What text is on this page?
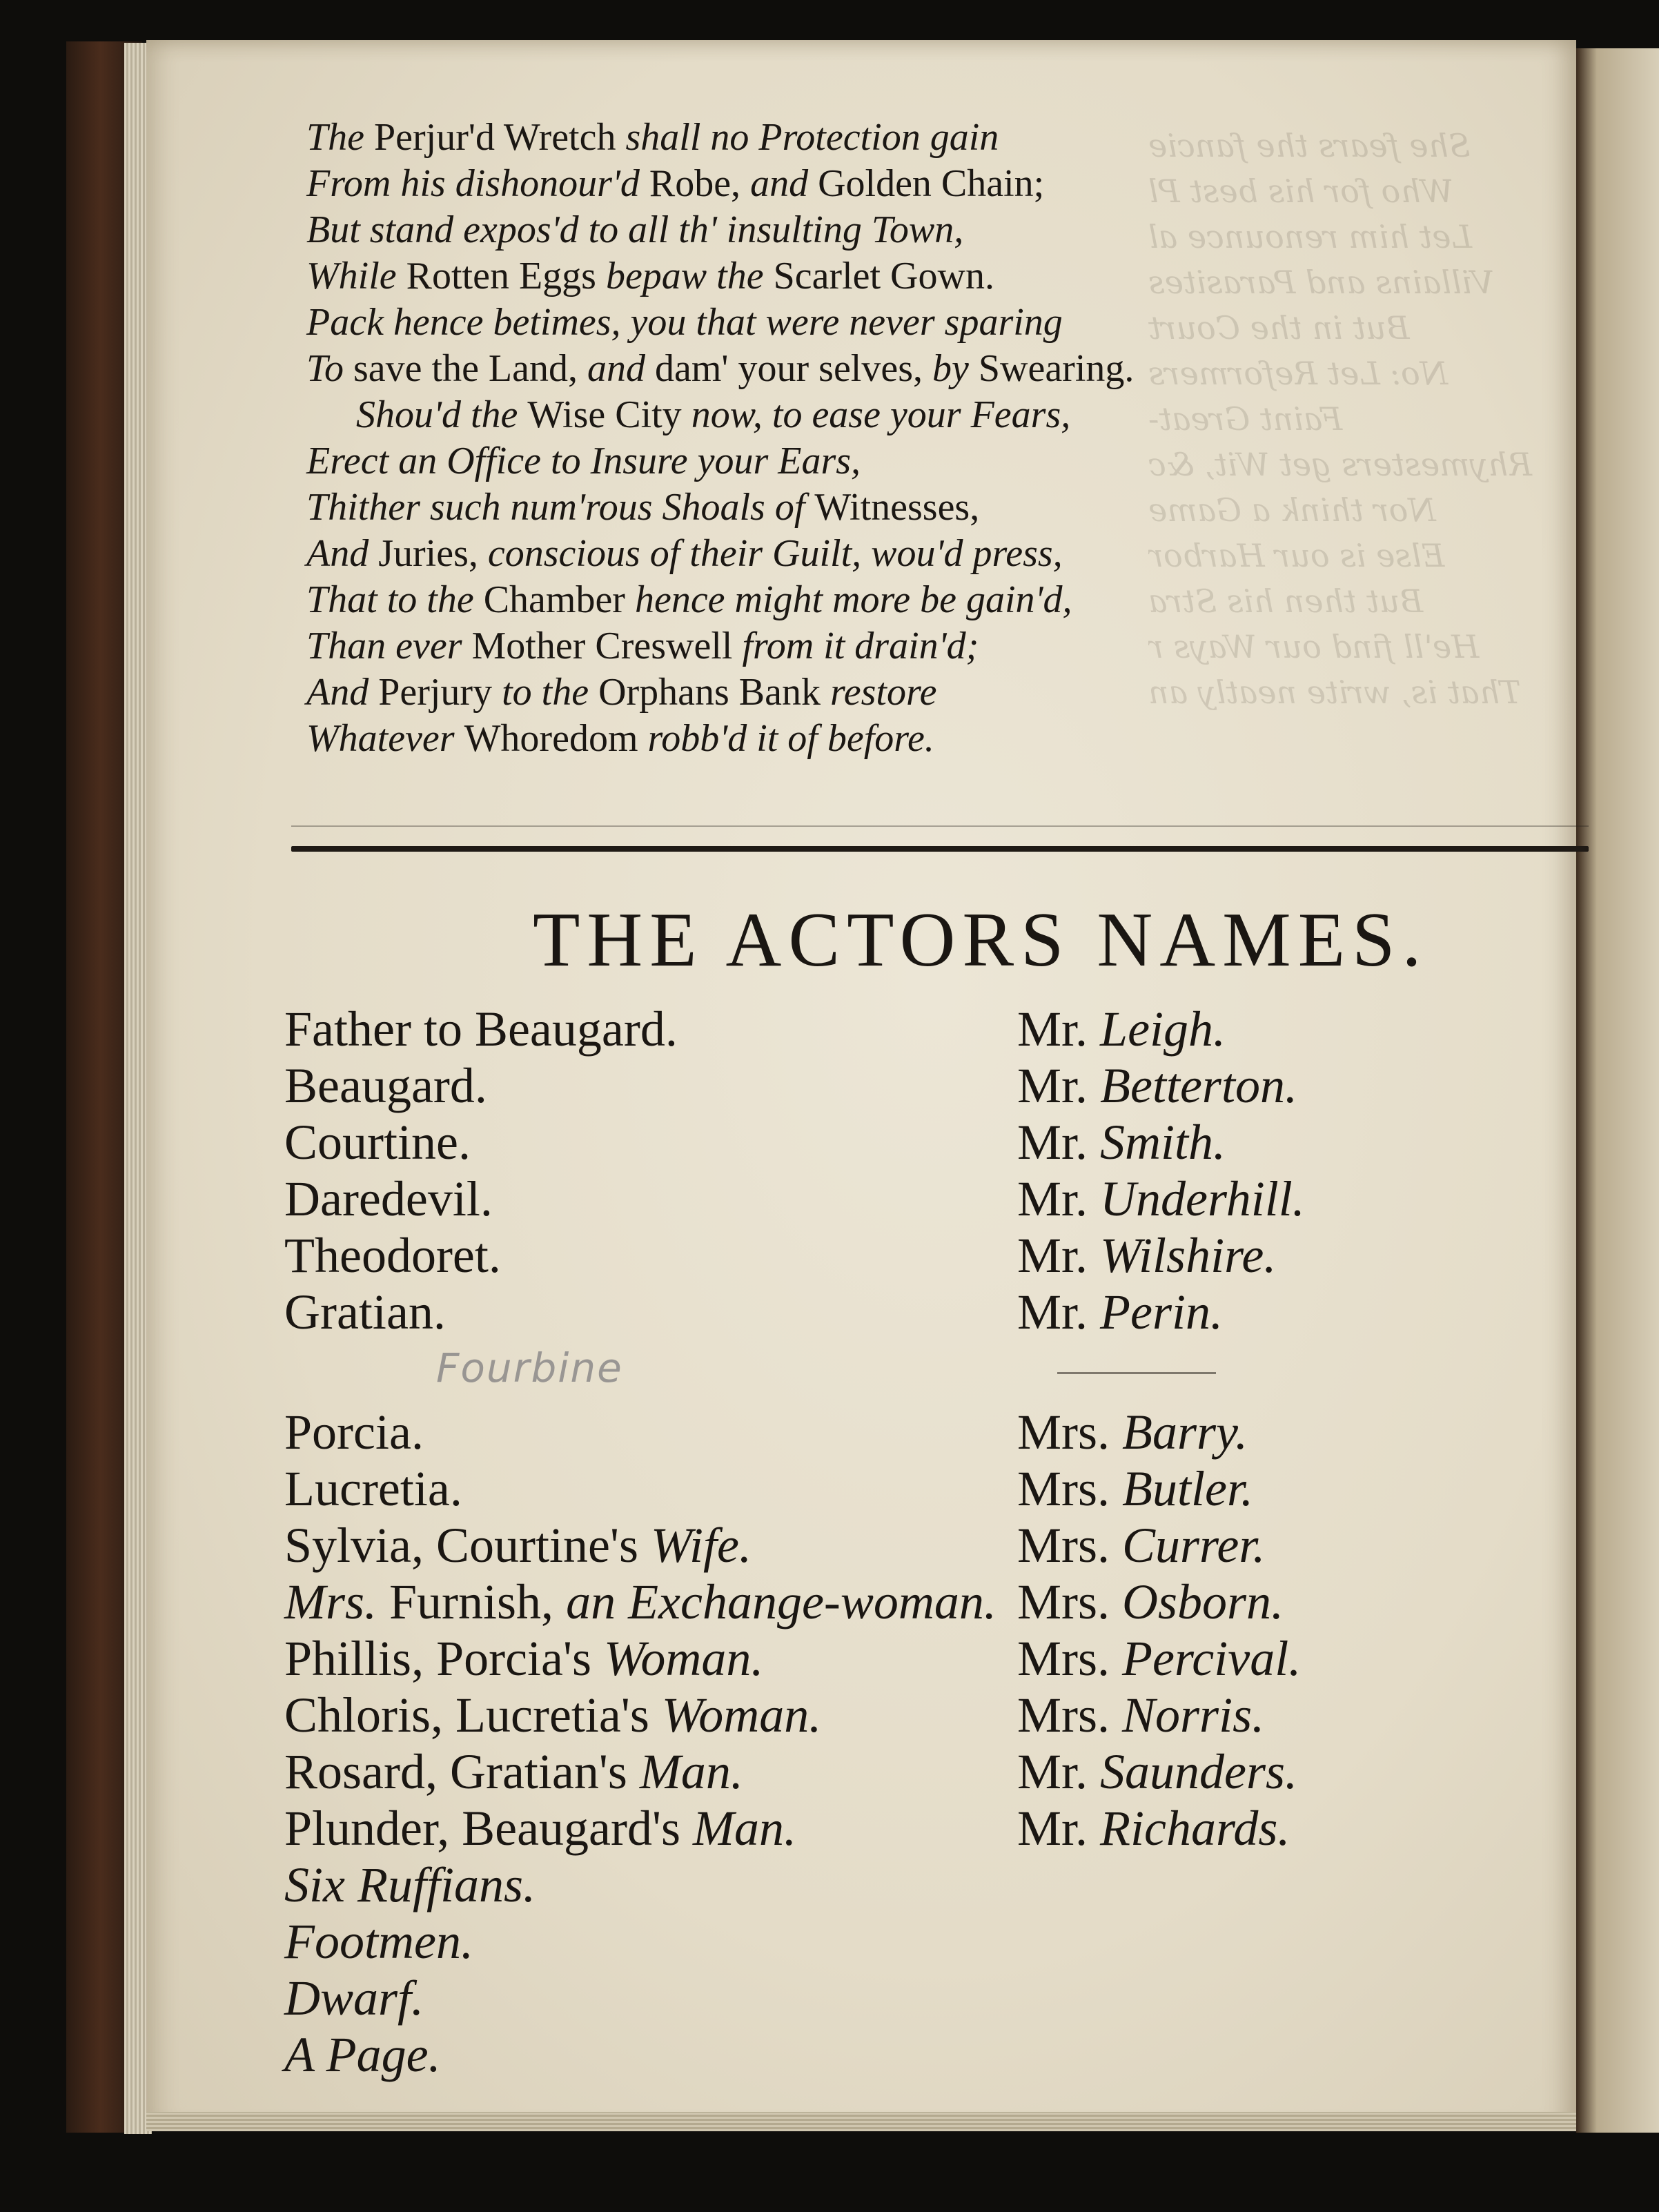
She fears the fancie
Who for his best Pl
Let him renounce al
Villains and Parasites
But in the Court
No: Let Reformers
Faint Great-
Rhymesters get Wit, &c
Nor think a Game
Else is our Harbor
But then his Stra
He'll find our Ways r
That is, write neatly an
The Perjur'd Wretch shall no Protection gain
From his dishonour'd Robe, and Golden Chain;
But stand expos'd to all th' insulting Town,
While Rotten Eggs bepaw the Scarlet Gown.
Pack hence betimes, you that were never sparing
To save the Land, and dam' your selves, by Swearing.
Shou'd the Wise City now, to ease your Fears,
Erect an Office to Insure your Ears,
Thither such num'rous Shoals of Witnesses,
And Juries, conscious of their Guilt, wou'd press,
That to the Chamber hence might more be gain'd,
Than ever Mother Creswell from it drain'd;
And Perjury to the Orphans Bank restore
Whatever Whoredom robb'd it of before.
THE ACTORS NAMES.
Father to Beaugard.	Mr. Leigh.
Beaugard.	Mr. Betterton.
Courtine.	Mr. Smith.
Daredevil.	Mr. Underhill.
Theodoret.	Mr. Wilshire.
Gratian.	Mr. Perin.
Porcia.	Mrs. Barry.
Lucretia.	Mrs. Butler.
Sylvia, Courtine's Wife.	Mrs. Currer.
Mrs. Furnish, an Exchange-woman. Mrs. Osborn.
Phillis, Porcia's Woman.	Mrs. Percival.
Chloris, Lucretia's Woman.	Mrs. Norris.
Rosard, Gratian's Man.	Mr. Saunders.
Plunder, Beaugard's Man.	Mr. Richards.
Six Ruffians.
Footmen.
Dwarf.
A Page.
Fourbine
